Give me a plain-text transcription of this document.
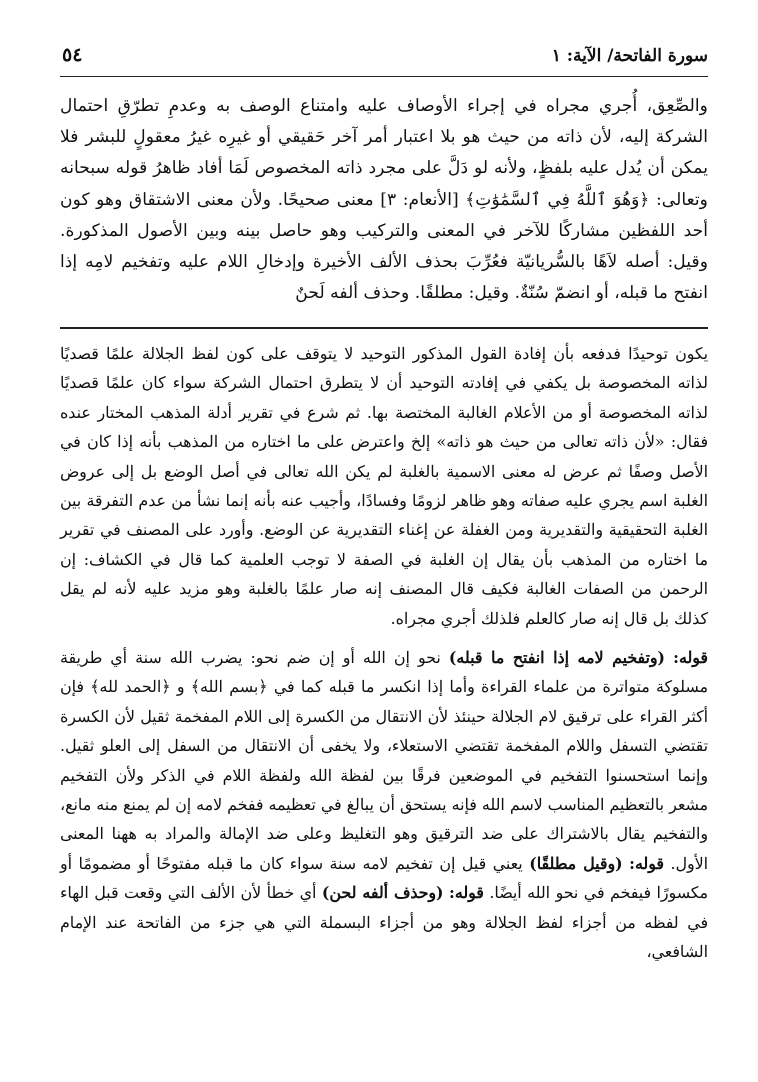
سورة الفاتحة/ الآية: ١
٥٤
والصِّعِق، أُجري مجراه في إجراء الأوصاف عليه وامتناع الوصف به وعدمِ تطرّقِ احتمال الشركة إليه، لأن ذاته من حيث هو بلا اعتبار أمر آخر حَقيقي أو غيرِه غيرُ معقولٍ للبشر فلا يمكن أن يُدل عليه بلفظٍ، ولأنه لو دَلَّ على مجرد ذاته المخصوص لَمَا أفاد ظاهرُ قوله سبحانه وتعالى: ﴿وَهُوَ ٱللَّهُ فِي ٱلسَّمَٰوَٰتِ﴾ [الأنعام: ٣] معنى صحيحًا. ولأن معنى الاشتقاق وهو كون أحد اللفظين مشاركًا للآخر في المعنى والتركيب وهو حاصل بينه وبين الأصول المذكورة. وقيل: أصله لاَهًا بالسُّريانيّة فعُرِّبَ بحذف الألف الأخيرة وإدخالِ اللام عليه وتفخيم لامِه إذا انفتح ما قبله، أو انضمّ سُنّةٌ. وقيل: مطلقًا. وحذف ألفه لَحنٌ

يكون توحيدًا فدفعه بأن إفادة القول المذكور التوحيد لا يتوقف على كون لفظ الجلالة علمًا قصديًا لذاته المخصوصة بل يكفي في إفادته التوحيد أن لا يتطرق احتمال الشركة سواء كان علمًا قصديًا لذاته المخصوصة أو من الأعلام الغالبة المختصة بها. ثم شرع في تقرير أدلة المذهب المختار عنده فقال: «لأن ذاته تعالى من حيث هو ذاته» إلخ واعترض على ما اختاره من المذهب بأنه إذا كان في الأصل وصفًا ثم عرض له معنى الاسمية بالغلبة لم يكن الله تعالى في أصل الوضع بل إلى عروض الغلبة اسم يجري عليه صفاته وهو ظاهر لزومًا وفسادًا، وأجيب عنه بأنه إنما نشأ من عدم التفرقة بين الغلبة التحقيقية والتقديرية ومن الغفلة عن إغناء التقديرية عن الوضع. وأورد على المصنف في تقرير ما اختاره من المذهب بأن يقال إن الغلبة في الصفة لا توجب العلمية كما قال في الكشاف: إن الرحمن من الصفات الغالبة فكيف قال المصنف إنه صار علمًا بالغلبة وهو مزيد عليه لأنه لم يقل كذلك بل قال إنه صار كالعلم فلذلك أجري مجراه.

قوله: (وتفخيم لامه إذا انفتح ما قبله) نحو إن الله أو إن ضم نحو: يضرب الله سنة أي طريقة مسلوكة متواترة من علماء القراءة وأما إذا انكسر ما قبله كما في ﴿بسم الله﴾ و ﴿الحمد لله﴾ فإن أكثر القراء على ترقيق لام الجلالة حينئذ لأن الانتقال من الكسرة إلى اللام المفخمة ثقيل لأن الكسرة تقتضي التسفل واللام المفخمة تقتضي الاستعلاء، ولا يخفى أن الانتقال من السفل إلى العلو ثقيل. وإنما استحسنوا التفخيم في الموضعين فرقًا بين لفظة الله ولفظة اللام في الذكر ولأن التفخيم مشعر بالتعظيم المناسب لاسم الله فإنه يستحق أن يبالغ في تعظيمه ففخم لامه إن لم يمنع منه مانع، والتفخيم يقال بالاشتراك على ضد الترقيق وهو التغليظ وعلى ضد الإمالة والمراد به ههنا المعنى الأول. قوله: (وقيل مطلقًا) يعني قيل إن تفخيم لامه سنة سواء كان ما قبله مفتوحًا أو مضمومًا أو مكسورًا فيفخم في نحو الله أيضًا. قوله: (وحذف ألفه لحن) أي خطأ لأن الألف التي وقعت قبل الهاء في لفظه من أجزاء لفظ الجلالة وهو من أجزاء البسملة التي هي جزء من الفاتحة عند الإمام الشافعي،
